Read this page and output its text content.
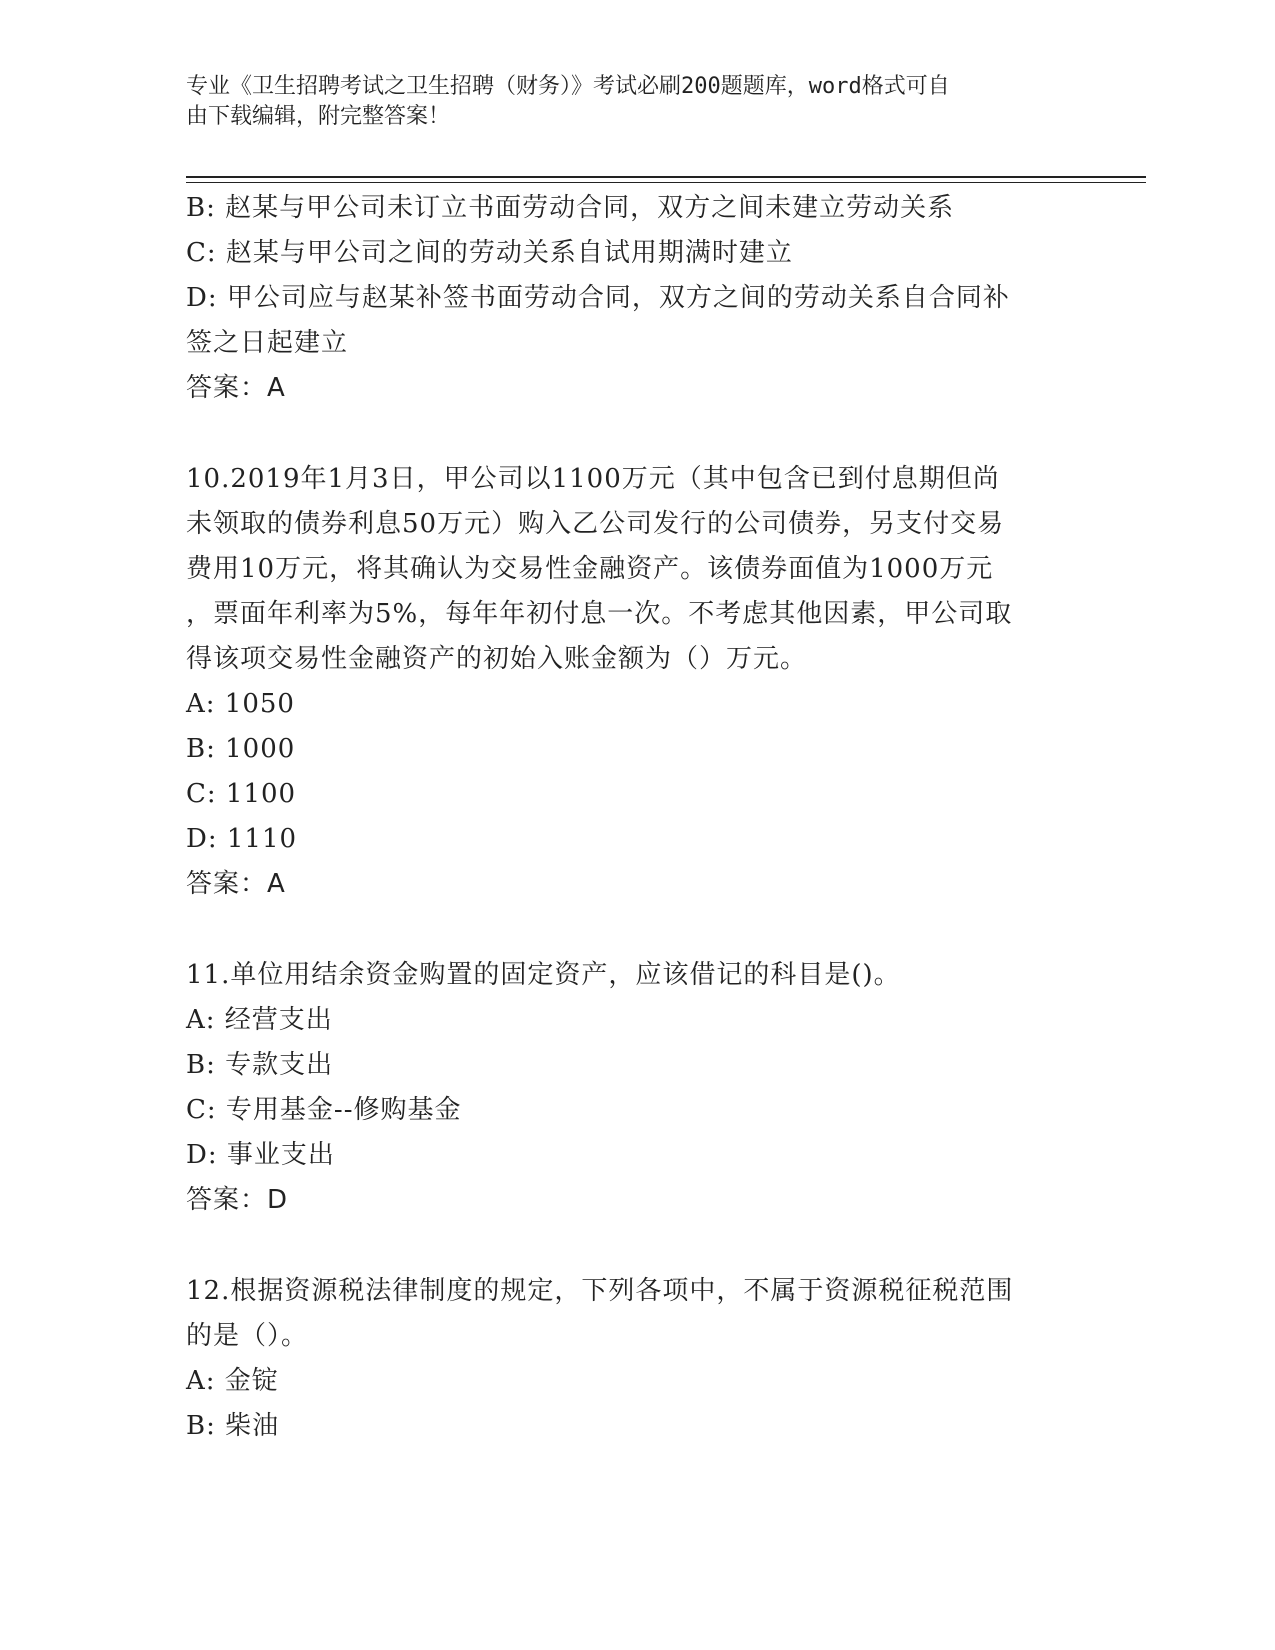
专业《卫生招聘考试之卫生招聘（财务）》考试必刷200题题库，word格式可自

由下载编辑，附完整答案！

B: 赵某与甲公司未订立书面劳动合同，双方之间未建立劳动关系

C: 赵某与甲公司之间的劳动关系自试用期满时建立

D: 甲公司应与赵某补签书面劳动合同，双方之间的劳动关系自合同补

签之日起建立

答案：A

10.2019年1月3日，甲公司以1100万元（其中包含已到付息期但尚

未领取的债券利息50万元）购入乙公司发行的公司债券，另支付交易

费用10万元，将其确认为交易性金融资产。该债券面值为1000万元

，票面年利率为5%，每年年初付息一次。不考虑其他因素，甲公司取

得该项交易性金融资产的初始入账金额为（）万元。

A: 1050

B: 1000

C: 1100

D: 1110

答案：A

11.单位用结余资金购置的固定资产，应该借记的科目是()。

A: 经营支出

B: 专款支出

C: 专用基金--修购基金

D: 事业支出

答案：D

12.根据资源税法律制度的规定，下列各项中，不属于资源税征税范围

的是（）。

A: 金锭

B: 柴油
